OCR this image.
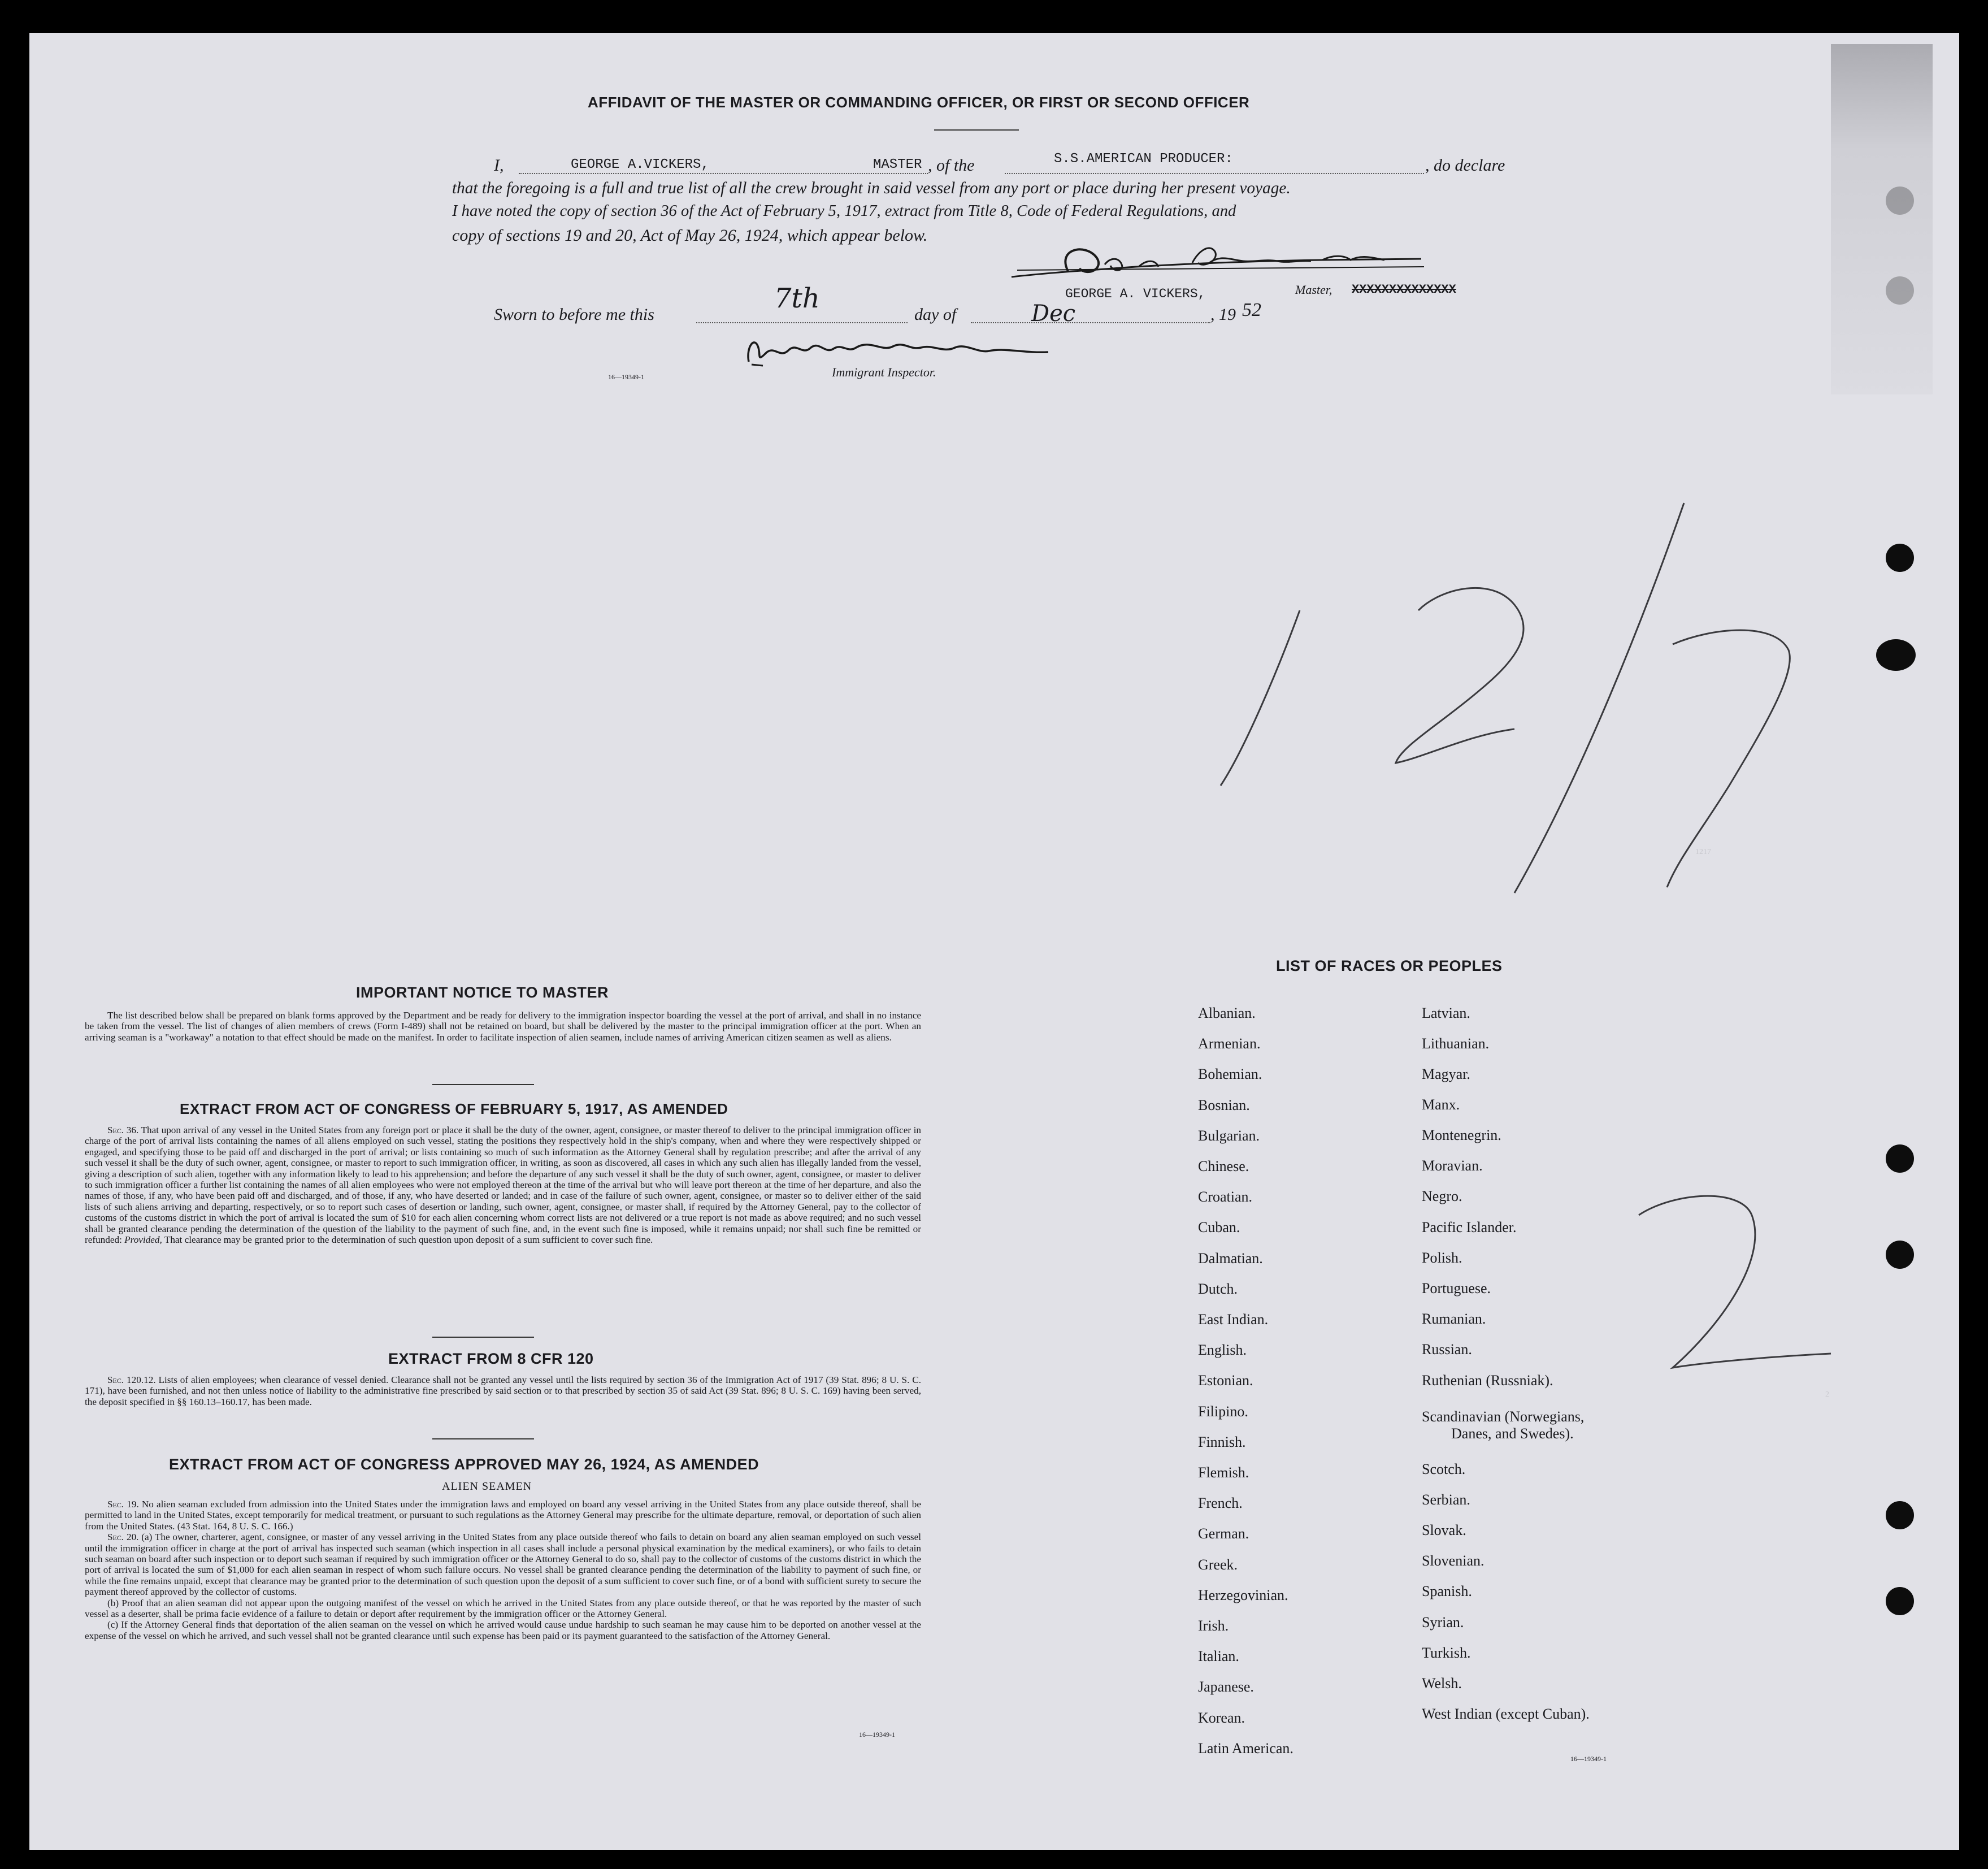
AFFIDAVIT OF THE MASTER OR COMMANDING OFFICER, OR FIRST OR SECOND OFFICER
I,	GEORGE A.VICKERS,	MASTER , of the	S.S.AMERICAN PRODUCER:	, do declare
that the foregoing is a full and true list of all the crew brought in said vessel from any port or place during her present voyage.
I have noted the copy of section 36 of the Act of February 5, 1917, extract from Title 8, Code of Federal Regulations, and
copy of sections 19 and 20, Act of May 26, 1924, which appear below.
GEORGE A. VICKERS,	Master, XXXXXXXXXXXXXX
Sworn to before me this
7th
day of	Dec	, 19 52
Immigrant Inspector.
16—19349-1
1217
IMPORTANT NOTICE TO MASTER

The list described below shall be prepared on blank forms approved by the Department and be ready for delivery to the immigration inspector boarding the vessel at the port of arrival, and shall in no instance be taken from the vessel. The list of changes of alien members of crews (Form I-489) shall not be retained on board, but shall be delivered by the master to the principal immigration officer at the port. When an arriving seaman is a "workaway" a notation to that effect should be made on the manifest. In order to facilitate inspection of alien seamen, include names of arriving American citizen seamen as well as aliens.

EXTRACT FROM ACT OF CONGRESS OF FEBRUARY 5, 1917, AS AMENDED

Sec. 36. That upon arrival of any vessel in the United States from any foreign port or place it shall be the duty of the owner, agent, consignee, or master thereof to deliver to the principal immigration officer in charge of the port of arrival lists containing the names of all aliens employed on such vessel, stating the positions they respectively hold in the ship's company, when and where they were respectively shipped or engaged, and specifying those to be paid off and discharged in the port of arrival; or lists containing so much of such information as the Attorney General shall by regulation prescribe; and after the arrival of any such vessel it shall be the duty of such owner, agent, consignee, or master to report to such immigration officer, in writing, as soon as discovered, all cases in which any such alien has illegally landed from the vessel, giving a description of such alien, together with any information likely to lead to his apprehension; and before the departure of any such vessel it shall be the duty of such owner, agent, consignee, or master to deliver to such immigration officer a further list containing the names of all alien employees who were not employed thereon at the time of the arrival but who will leave port thereon at the time of her departure, and also the names of those, if any, who have been paid off and discharged, and of those, if any, who have deserted or landed; and in case of the failure of such owner, agent, consignee, or master so to deliver either of the said lists of such aliens arriving and departing, respectively, or so to report such cases of desertion or landing, such owner, agent, consignee, or master shall, if required by the Attorney General, pay to the collector of customs of the customs district in which the port of arrival is located the sum of $10 for each alien concerning whom correct lists are not delivered or a true report is not made as above required; and no such vessel shall be granted clearance pending the determination of the question of the liability to the payment of such fine, and, in the event such fine is imposed, while it remains unpaid; nor shall such fine be remitted or refunded: Provided, That clearance may be granted prior to the determination of such question upon deposit of a sum sufficient to cover such fine.

EXTRACT FROM 8 CFR 120

Sec. 120.12. Lists of alien employees; when clearance of vessel denied. Clearance shall not be granted any vessel until the lists required by section 36 of the Immigration Act of 1917 (39 Stat. 896; 8 U. S. C. 171), have been furnished, and not then unless notice of liability to the administrative fine prescribed by said section or to that prescribed by section 35 of said Act (39 Stat. 896; 8 U. S. C. 169) having been served, the deposit specified in §§ 160.13–160.17, has been made.

EXTRACT FROM ACT OF CONGRESS APPROVED MAY 26, 1924, AS AMENDED
ALIEN SEAMEN

Sec. 19. No alien seaman excluded from admission into the United States under the immigration laws and employed on board any vessel arriving in the United States from any place outside thereof, shall be permitted to land in the United States, except temporarily for medical treatment, or pursuant to such regulations as the Attorney General may prescribe for the ultimate departure, removal, or deportation of such alien from the United States. (43 Stat. 164, 8 U. S. C. 166.)

Sec. 20. (a) The owner, charterer, agent, consignee, or master of any vessel arriving in the United States from any place outside thereof who fails to detain on board any alien seaman employed on such vessel until the immigration officer in charge at the port of arrival has inspected such seaman (which inspection in all cases shall include a personal physical examination by the medical examiners), or who fails to detain such seaman on board after such inspection or to deport such seaman if required by such immigration officer or the Attorney General to do so, shall pay to the collector of customs of the customs district in which the port of arrival is located the sum of $1,000 for each alien seaman in respect of whom such failure occurs. No vessel shall be granted clearance pending the determination of the liability to payment of such fine, or while the fine remains unpaid, except that clearance may be granted prior to the determination of such question upon the deposit of a sum sufficient to cover such fine, or of a bond with sufficient surety to secure the payment thereof approved by the collector of customs.

(b) Proof that an alien seaman did not appear upon the outgoing manifest of the vessel on which he arrived in the United States from any place outside thereof, or that he was reported by the master of such vessel as a deserter, shall be prima facie evidence of a failure to detain or deport after requirement by the immigration officer or the Attorney General.

(c) If the Attorney General finds that deportation of the alien seaman on the vessel on which he arrived would cause undue hardship to such seaman he may cause him to be deported on another vessel at the expense of the vessel on which he arrived, and such vessel shall not be granted clearance until such expense has been paid or its payment guaranteed to the satisfaction of the Attorney General.

16—19349-1
LIST OF RACES OR PEOPLES
Albanian.
Armenian.
Bohemian.
Bosnian.
Bulgarian.
Chinese.
Croatian.
Cuban.
Dalmatian.
Dutch.
East Indian.
English.
Estonian.
Filipino.
Finnish.
Flemish.
French.
German.
Greek.
Herzegovinian.
Irish.
Italian.
Japanese.
Korean.
Latin American.
Latvian.
Lithuanian.
Magyar.
Manx.
Montenegrin.
Moravian.
Negro.
Pacific Islander.
Polish.
Portuguese.
Rumanian.
Russian.
Ruthenian (Russniak).
Scandinavian (Norwegians,
Danes, and Swedes).
Scotch.
Serbian.
Slovak.
Slovenian.
Spanish.
Syrian.
Turkish.
Welsh.
West Indian (except Cuban).
16—19349-1
2
